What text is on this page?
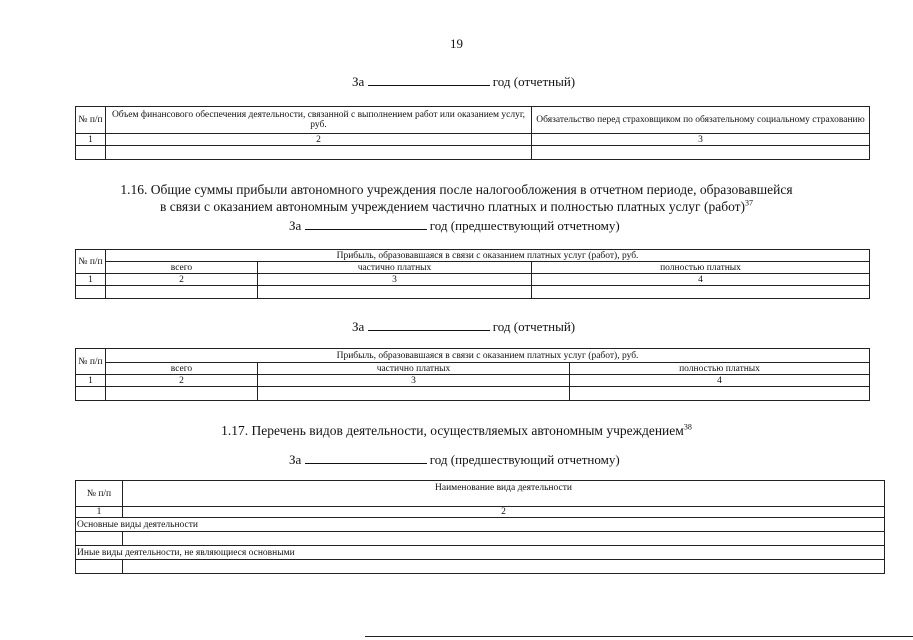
19
За	год (отчетный)
№ п/п	Объем финансового обеспечения деятельности, связанной с выполнением работ или оказанием услуг, руб.	Обязательство перед страховщиком по обязательному социальному страхованию
1	2	3

1.16. Общие суммы прибыли автономного учреждения после налогообложения в отчетном периоде, образовавшейся
в связи с оказанием автономным учреждением частично платных и полностью платных услуг (работ)$^{37}$
За	год (предшествующий отчетному)
№ п/п	Прибыль, образовавшаяся в связи с оказанием платных услуг (работ), руб.		
	всего	частично платных	полностью платных
1	2	3	4

За	год (отчетный)
№ п/п	Прибыль, образовавшаяся в связи с оказанием платных услуг (работ), руб.		
	всего	частично платных	полностью платных
1	2	3	4

1.17. Перечень видов деятельности, осуществляемых автономным учреждением$^{38}$
За	год (предшествующий отчетному)
№ п/п	Наименование вида деятельности
1	2
Основные виды деятельности	

Иные виды деятельности, не являющиеся основными	
